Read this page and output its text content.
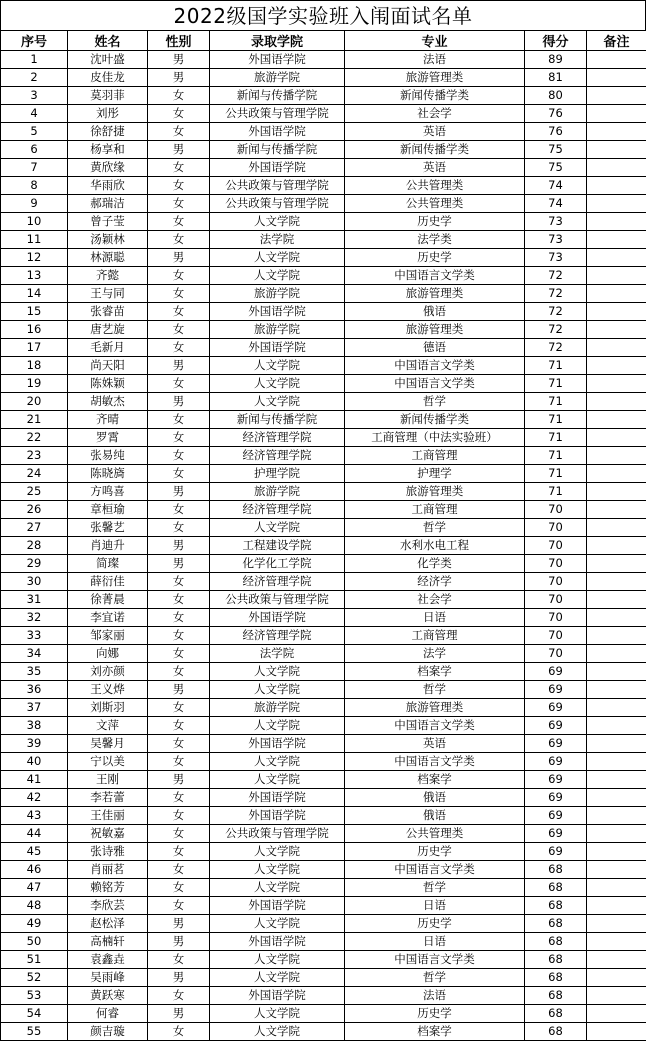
2022级国学实验班入闱面试名单
序号	姓名	性别	录取学院	专业	得分	备注
1	沈叶盛	男	外国语学院	法语	89	
2	皮佳龙	男	旅游学院	旅游管理类	81	
3	莫羽菲	女	新闻与传播学院	新闻传播学类	80	
4	刘彤	女	公共政策与管理学院	社会学	76	
5	徐舒捷	女	外国语学院	英语	76	
6	杨享和	男	新闻与传播学院	新闻传播学类	75	
7	黄欣缘	女	外国语学院	英语	75	
8	华雨欣	女	公共政策与管理学院	公共管理类	74	
9	郝瑞洁	女	公共政策与管理学院	公共管理类	74	
10	曾子莹	女	人文学院	历史学	73	
11	汤颖林	女	法学院	法学类	73	
12	林源聪	男	人文学院	历史学	73	
13	齐懿	女	人文学院	中国语言文学类	72	
14	王与同	女	旅游学院	旅游管理类	72	
15	张睿苗	女	外国语学院	俄语	72	
16	唐艺旋	女	旅游学院	旅游管理类	72	
17	毛新月	女	外国语学院	德语	72	
18	尚天阳	男	人文学院	中国语言文学类	71	
19	陈姝颖	女	人文学院	中国语言文学类	71	
20	胡敏杰	男	人文学院	哲学	71	
21	齐晴	女	新闻与传播学院	新闻传播学类	71	
22	罗霄	女	经济管理学院	工商管理（中法实验班）	71	
23	张易纯	女	经济管理学院	工商管理	71	
24	陈晓旖	女	护理学院	护理学	71	
25	方鸣喜	男	旅游学院	旅游管理类	71	
26	章桓瑜	女	经济管理学院	工商管理	70	
27	张馨艺	女	人文学院	哲学	70	
28	肖迪升	男	工程建设学院	水利水电工程	70	
29	简璨	男	化学化工学院	化学类	70	
30	薛衍佳	女	经济管理学院	经济学	70	
31	徐菁晨	女	公共政策与管理学院	社会学	70	
32	李宜诺	女	外国语学院	日语	70	
33	邹家丽	女	经济管理学院	工商管理	70	
34	向娜	女	法学院	法学	70	
35	刘亦颜	女	人文学院	档案学	69	
36	王义烨	男	人文学院	哲学	69	
37	刘斯羽	女	旅游学院	旅游管理类	69	
38	文萍	女	人文学院	中国语言文学类	69	
39	吴馨月	女	外国语学院	英语	69	
40	宁以美	女	人文学院	中国语言文学类	69	
41	王刚	男	人文学院	档案学	69	
42	李若蕾	女	外国语学院	俄语	69	
43	王佳丽	女	外国语学院	俄语	69	
44	祝敏嘉	女	公共政策与管理学院	公共管理类	69	
45	张诗雅	女	人文学院	历史学	69	
46	肖丽茗	女	人文学院	中国语言文学类	68	
47	赖铭芳	女	人文学院	哲学	68	
48	李欣芸	女	外国语学院	日语	68	
49	赵松泽	男	人文学院	历史学	68	
50	高楠轩	男	外国语学院	日语	68	
51	袁鑫垚	女	人文学院	中国语言文学类	68	
52	吴雨峰	男	人文学院	哲学	68	
53	黄跃寒	女	外国语学院	法语	68	
54	何睿	男	人文学院	历史学	68	
55	颜吉璇	女	人文学院	档案学	68	
